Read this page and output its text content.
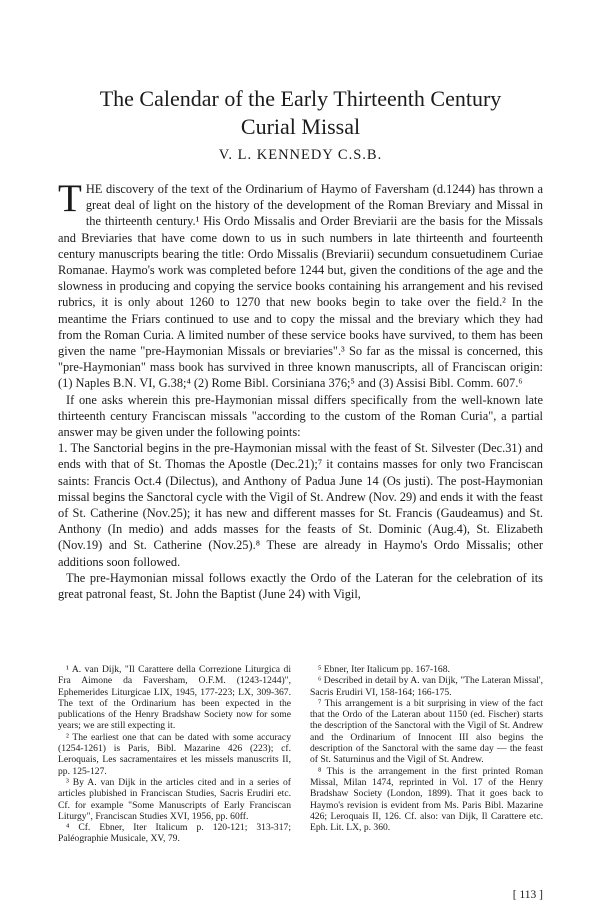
The Calendar of the Early Thirteenth Century
Curial Missal
V. L. KENNEDY C.S.B.

THE discovery of the text of the Ordinarium of Haymo of Faversham (d.1244) has thrown a great deal of light on the history of the development of the Roman Breviary and Missal in the thirteenth century.¹ His Ordo Missalis and Order Breviarii are the basis for the Missals and Breviaries that have come down to us in such numbers in late thirteenth and fourteenth century manuscripts bearing the title: Ordo Missalis (Breviarii) secundum consuetudinem Curiae Romanae. Haymo's work was completed before 1244 but, given the conditions of the age and the slowness in producing and copying the service books containing his arrangement and his revised rubrics, it is only about 1260 to 1270 that new books begin to take over the field.² In the meantime the Friars continued to use and to copy the missal and the breviary which they had from the Roman Curia. A limited number of these service books have survived, to them has been given the name "pre-Haymonian Missals or breviaries".³ So far as the missal is concerned, this "pre-Haymonian" mass book has survived in three known manuscripts, all of Franciscan origin: (1) Naples B.N. VI, G.38;⁴ (2) Rome Bibl. Corsiniana 376;⁵ and (3) Assisi Bibl. Comm. 607.⁶

If one asks wherein this pre-Haymonian missal differs specifically from the well-known late thirteenth century Franciscan missals "according to the custom of the Roman Curia", a partial answer may be given under the following points:

1. The Sanctorial begins in the pre-Haymonian missal with the feast of St. Silvester (Dec.31) and ends with that of St. Thomas the Apostle (Dec.21);⁷ it contains masses for only two Franciscan saints: Francis Oct.4 (Dilectus), and Anthony of Padua June 14 (Os justi). The post-Haymonian missal begins the Sanctoral cycle with the Vigil of St. Andrew (Nov. 29) and ends it with the feast of St. Catherine (Nov.25); it has new and different masses for St. Francis (Gaudeamus) and St. Anthony (In medio) and adds masses for the feasts of St. Dominic (Aug.4), St. Elizabeth (Nov.19) and St. Catherine (Nov.25).⁸ These are already in Haymo's Ordo Missalis; other additions soon followed.

The pre-Haymonian missal follows exactly the Ordo of the Lateran for the celebration of its great patronal feast, St. John the Baptist (June 24) with Vigil,

¹ A. van Dijk, "Il Carattere della Correzione Liturgica di Fra Aimone da Faversham, O.F.M. (1243-1244)", Ephemerides Liturgicae LIX, 1945, 177-223; LX, 309-367. The text of the Ordinarium has been expected in the publications of the Henry Bradshaw Society now for some years; we are still expecting it.

² The earliest one that can be dated with some accuracy (1254-1261) is Paris, Bibl. Mazarine 426 (223); cf. Leroquais, Les sacramentaires et les missels manuscrits II, pp. 125-127.

³ By A. van Dijk in the articles cited and in a series of articles plubished in Franciscan Studies, Sacris Erudiri etc. Cf. for example "Some Manuscripts of Early Franciscan Liturgy", Franciscan Studies XVI, 1956, pp. 60ff.

⁴ Cf. Ebner, Iter Italicum p. 120-121; 313-317; Paléographie Musicale, XV, 79.

⁵ Ebner, Iter Italicum pp. 167-168.

⁶ Described in detail by A. van Dijk, "The Lateran Missal', Sacris Erudiri VI, 158-164; 166-175.

⁷ This arrangement is a bit surprising in view of the fact that the Ordo of the Lateran about 1150 (ed. Fischer) starts the description of the Sanctoral with the Vigil of St. Andrew and the Ordinarium of Innocent III also begins the description of the Sanctoral with the same day — the feast of St. Saturninus and the Vigil of St. Andrew.

⁸ This is the arrangement in the first printed Roman Missal, Milan 1474, reprinted in Vol. 17 of the Henry Bradshaw Society (London, 1899). That it goes back to Haymo's revision is evident from Ms. Paris Bibl. Mazarine 426; Leroquais II, 126. Cf. also: van Dijk, Il Carattere etc. Eph. Lit. LX, p. 360.

[ 113 ]
